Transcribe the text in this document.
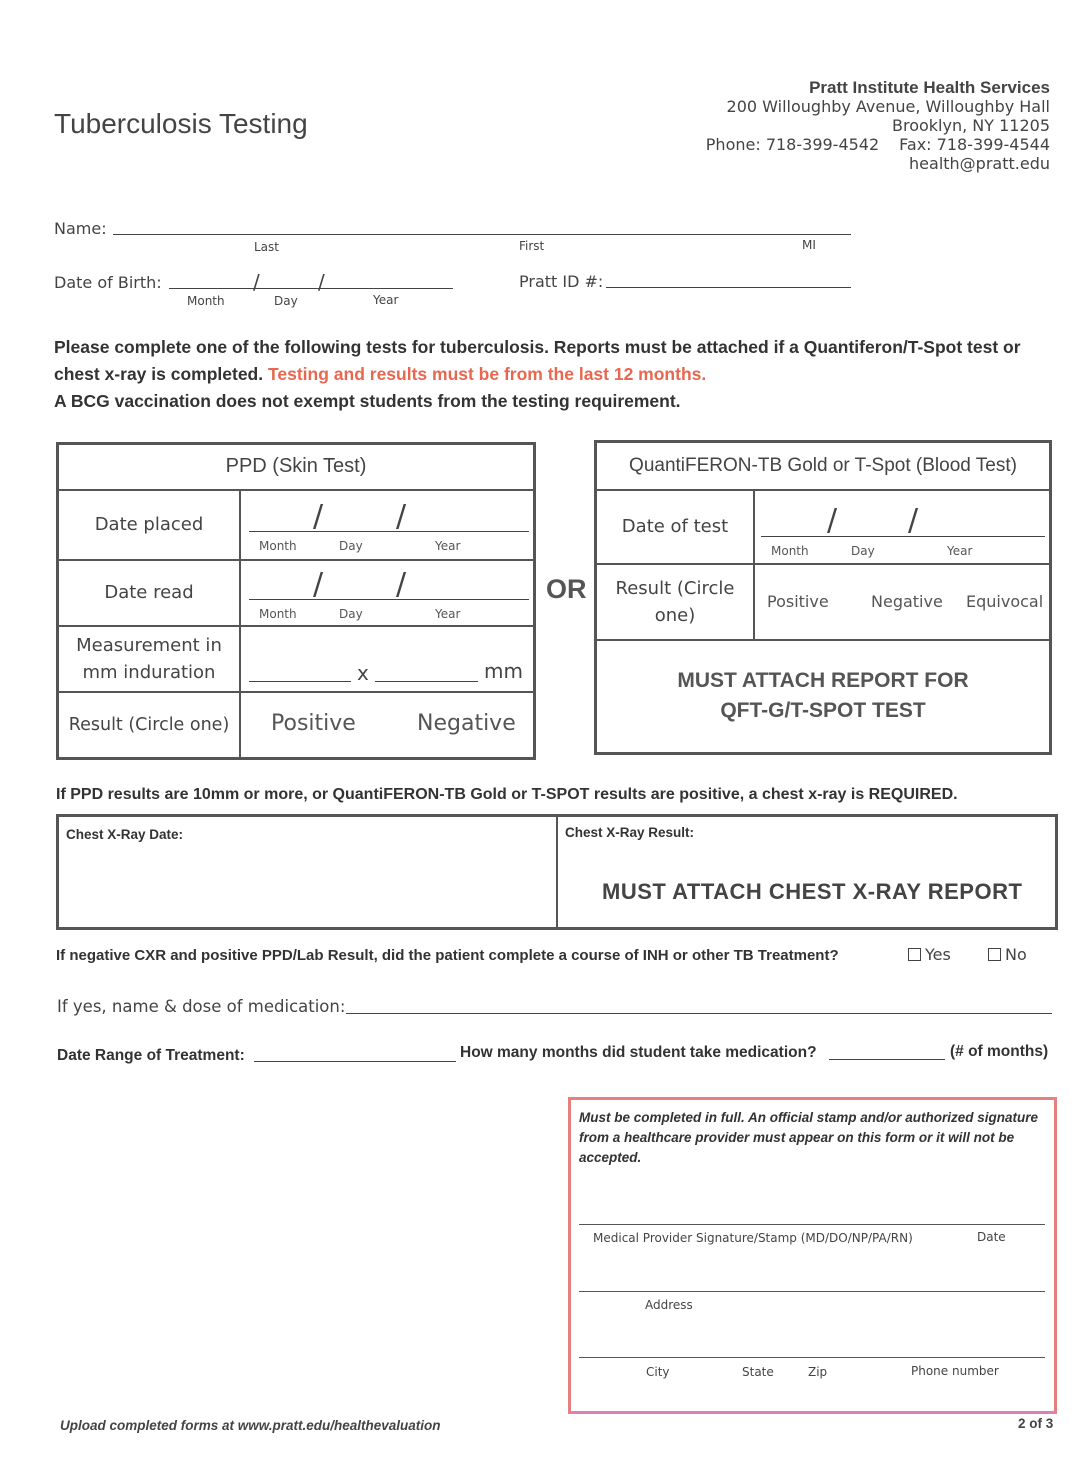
Tuberculosis Testing
Pratt Institute Health Services
200 Willoughby Avenue, Willoughby Hall
Brooklyn, NY 11205
Phone: 718-399-4542 Fax: 718-399-4544
health@pratt.edu
Name:
Last	First	MI
Date of Birth:	/	/
Month	Day	Year
Pratt ID #:
Please complete one of the following tests for tuberculosis. Reports must be attached if a Quantiferon/T-Spot test or chest x-ray is completed. Testing and results must be from the last 12 months.
A BCG vaccination does not exempt students from the testing requirement.
PPD (Skin Test)	
Date placed	/ /
Month Day Year

Date read	/ /
Month Day Year

Measurement in mm induration	x mm

Result (Circle one)	Positive Negative
OR
QuantiFERON-TB Gold or T-Spot (Blood Test)	
Date of test	/ /
Month Day Year

Result (Circle one)	Positive Negative Equivocal

MUST ATTACH REPORT FOR
QFT-G/T-SPOT TEST	
If PPD results are 10mm or more, or QuantiFERON-TB Gold or T-SPOT results are positive, a chest x-ray is REQUIRED.
Chest X-Ray Date:	Chest X-Ray Result:
MUST ATTACH CHEST X-RAY REPORT
If negative CXR and positive PPD/Lab Result, did the patient complete a course of INH or other TB Treatment?	Yes	No
If yes, name & dose of medication:
Date Range of Treatment:	How many months did student take medication?	(# of months)
Must be completed in full. An official stamp and/or authorized signature from a healthcare provider must appear on this form or it will not be accepted.
Medical Provider Signature/Stamp (MD/DO/NP/PA/RN)	Date
Address
City	State	Zip	Phone number
Upload completed forms at www.pratt.edu/healthevaluation	2 of 3
